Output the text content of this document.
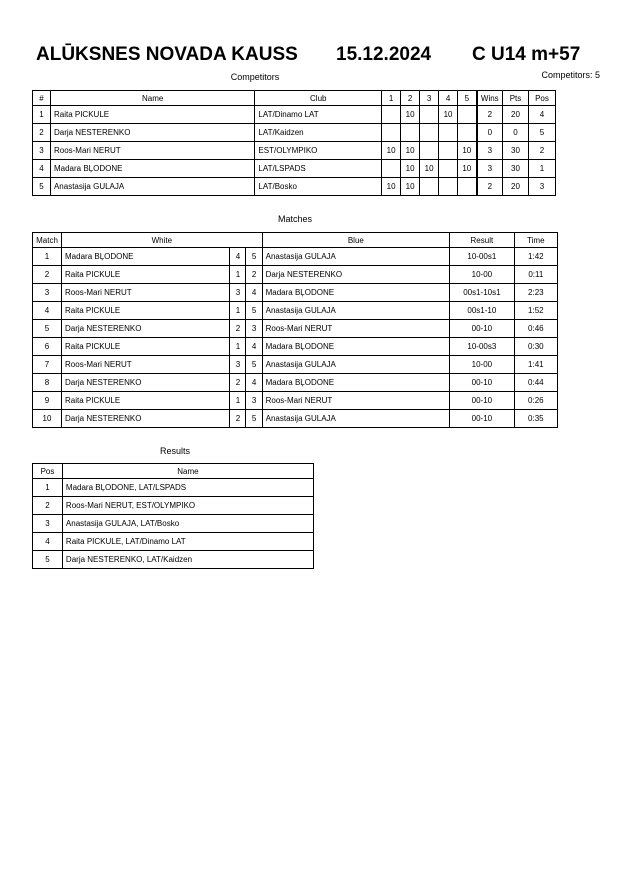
ALŪKSNES NOVADA KAUSS 15.12.2024 C U14 m+57
Competitors: 5
Competitors
#	Name	Club	1	2	3	4	5	Wins	Pts	Pos
1	Raita PICKULE	LAT/Dinamo LAT		10		10		2	20	4
2	Darja NESTERENKO	LAT/Kaidzen						0	0	5
3	Roos-Mari NERUT	EST/OLYMPIKO	10	10			10	3	30	2
4	Madara BĻODONE	LAT/LSPADS		10	10		10	3	30	1
5	Anastasija GULAJA	LAT/Bosko	10	10				2	20	3
Matches
Match	White			Blue	Result	Time
1	Madara BĻODONE	4	5	Anastasija GULAJA	10-00s1	1:42
2	Raita PICKULE	1	2	Darja NESTERENKO	10-00	0:11
3	Roos-Mari NERUT	3	4	Madara BĻODONE	00s1-10s1	2:23
4	Raita PICKULE	1	5	Anastasija GULAJA	00s1-10	1:52
5	Darja NESTERENKO	2	3	Roos-Mari NERUT	00-10	0:46
6	Raita PICKULE	1	4	Madara BĻODONE	10-00s3	0:30
7	Roos-Mari NERUT	3	5	Anastasija GULAJA	10-00	1:41
8	Darja NESTERENKO	2	4	Madara BĻODONE	00-10	0:44
9	Raita PICKULE	1	3	Roos-Mari NERUT	00-10	0:26
10	Darja NESTERENKO	2	5	Anastasija GULAJA	00-10	0:35
Results
Pos	Name
1	Madara BĻODONE, LAT/LSPADS
2	Roos-Mari NERUT, EST/OLYMPIKO
3	Anastasija GULAJA, LAT/Bosko
4	Raita PICKULE, LAT/Dinamo LAT
5	Darja NESTERENKO, LAT/Kaidzen
